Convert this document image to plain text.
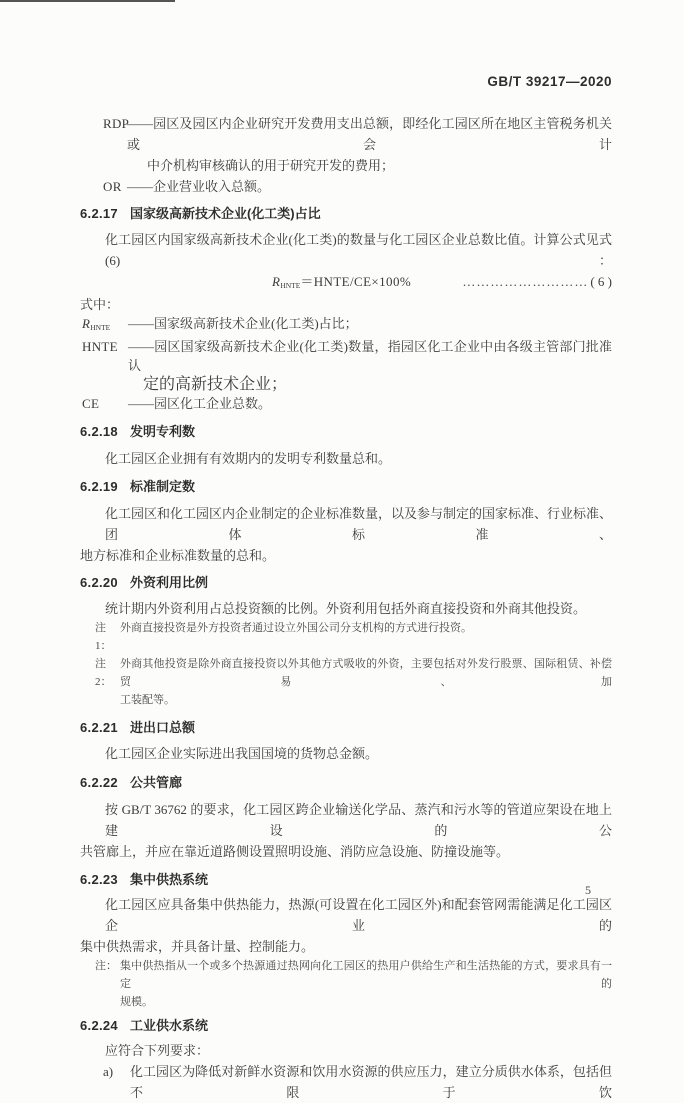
GB/T 39217—2020
RDP
——园区及园区内企业研究开发费用支出总额，即经化工园区所在地区主管税务机关或会计
中介机构审核确认的用于研究开发的费用；
OR ——企业营业收入总额。
6.2.17 国家级高新技术企业(化工类)占比
化工园区内国家级高新技术企业(化工类)的数量与化工园区企业总数比值。计算公式见式(6)：
$R_{HNTE}=HNTE/CE\times 100\%$	……………………… ( 6 )
式中：
$R_{HNTE}$	——国家级高新技术企业(化工类)占比；
HNTE ——园区国家级高新技术企业(化工类)数量，指园区化工企业中由各级主管部门批准认
定的高新技术企业；
CE	——园区化工企业总数。
6.2.18 发明专利数
化工园区企业拥有有效期内的发明专利数量总和。
6.2.19 标准制定数
化工园区和化工园区内企业制定的企业标准数量，以及参与制定的国家标准、行业标准、团体标准、
地方标准和企业标准数量的总和。
6.2.20 外资利用比例
统计期内外资利用占总投资额的比例。外资利用包括外商直接投资和外商其他投资。
注 1：
外商直接投资是外方投资者通过设立外国公司分支机构的方式进行投资。
注 2：
外商其他投资是除外商直接投资以外其他方式吸收的外资，主要包括对外发行股票、国际租赁、补偿贸易、加
工装配等。
6.2.21 进出口总额
化工园区企业实际进出我国国境的货物总金额。
6.2.22 公共管廊
按 GB/T 36762 的要求，化工园区跨企业输送化学品、蒸汽和污水等的管道应架设在地上建设的公
共管廊上，并应在靠近道路侧设置照明设施、消防应急设施、防撞设施等。
6.2.23 集中供热系统
化工园区应具备集中供热能力，热源(可设置在化工园区外)和配套管网需能满足化工园区企业的
集中供热需求，并具备计量、控制能力。
注： 集中供热指从一个或多个热源通过热网向化工园区的热用户供给生产和生活热能的方式，要求具有一定的
规模。
6.2.24 工业供水系统
应符合下列要求：
a)	化工园区为降低对新鲜水资源和饮用水资源的供应压力，建立分质供水体系，包括但不限于饮
5
